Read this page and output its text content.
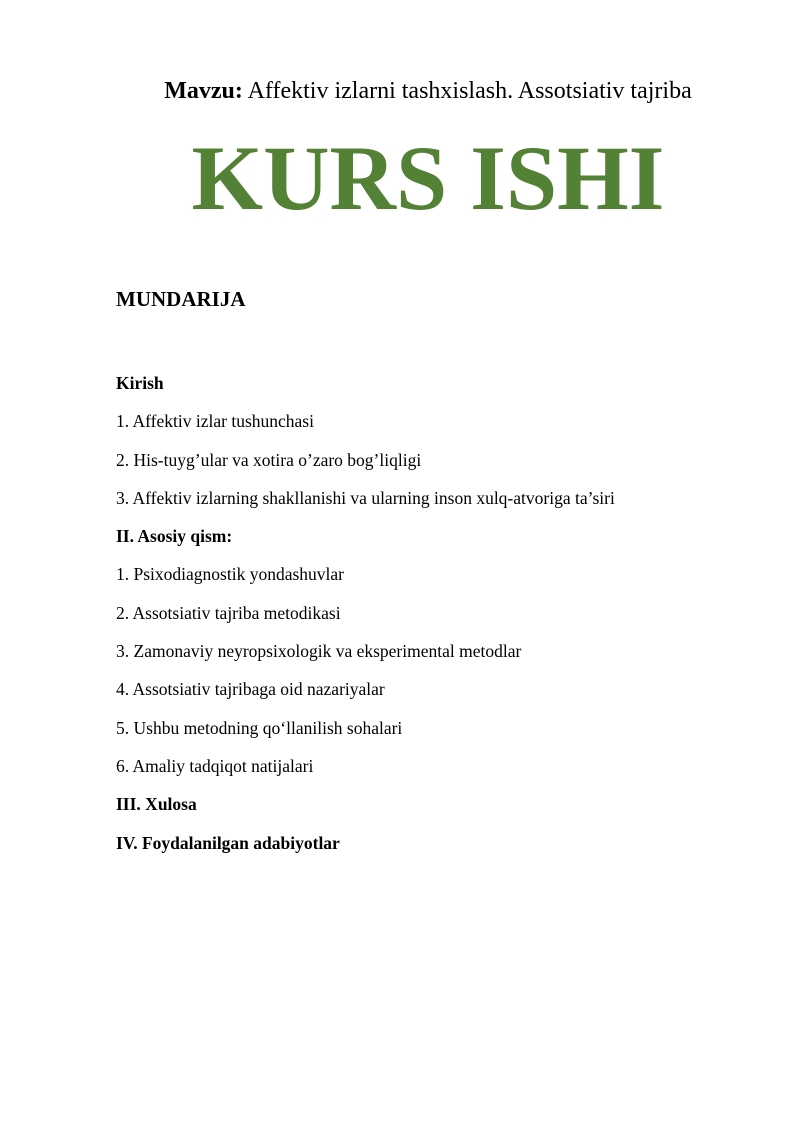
Mavzu: Affektiv izlarni tashxislash. Assotsiativ tajriba
KURS ISHI
MUNDARIJA
Kirish
1. Affektiv izlar tushunchasi
2. His-tuyg’ular va xotira o’zaro bog’liqligi
3. Affektiv izlarning shakllanishi va ularning inson xulq-atvoriga ta’siri
II. Asosiy qism:
1. Psixodiagnostik yondashuvlar
2. Assotsiativ tajriba metodikasi
3. Zamonaviy neyropsixologik va eksperimental metodlar
4. Assotsiativ tajribaga oid nazariyalar
5. Ushbu metodning qo‘llanilish sohalari
6. Amaliy tadqiqot natijalari
III. Xulosa
IV. Foydalanilgan adabiyotlar
